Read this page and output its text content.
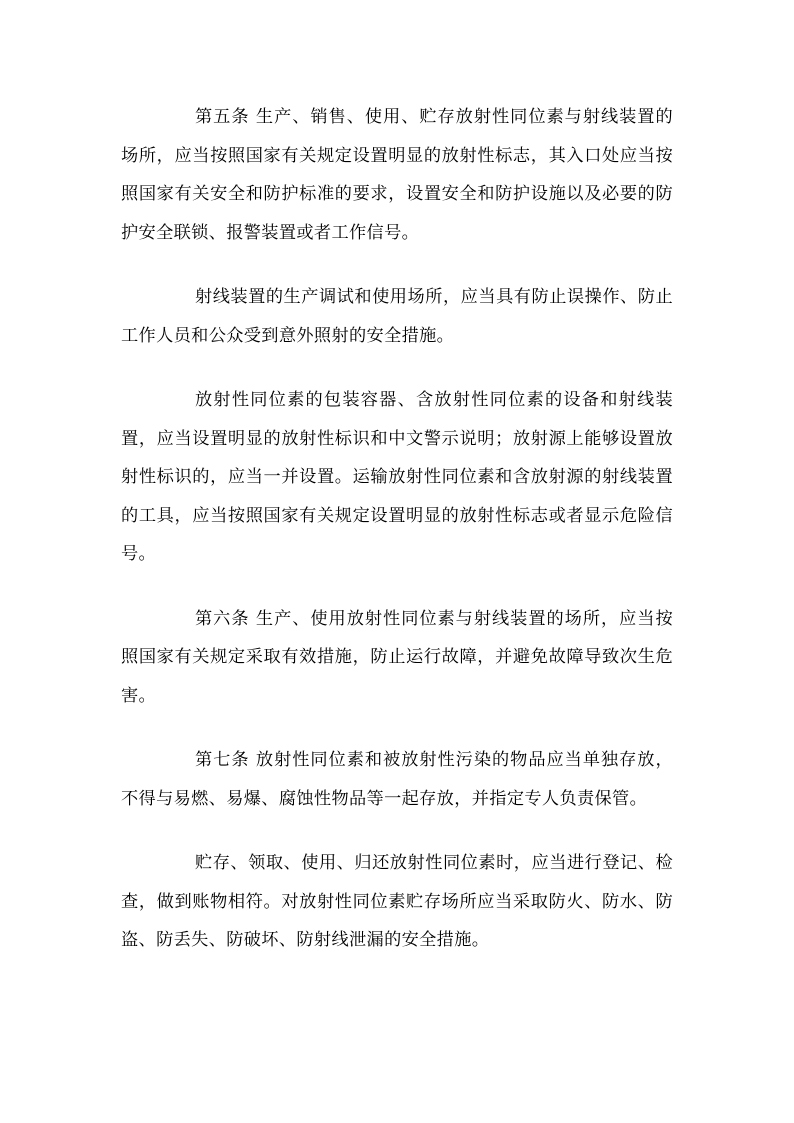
第五条 生产、销售、使用、贮存放射性同位素与射线装置的场所，应当按照国家有关规定设置明显的放射性标志，其入口处应当按照国家有关安全和防护标准的要求，设置安全和防护设施以及必要的防护安全联锁、报警装置或者工作信号。

射线装置的生产调试和使用场所，应当具有防止误操作、防止工作人员和公众受到意外照射的安全措施。

放射性同位素的包装容器、含放射性同位素的设备和射线装置，应当设置明显的放射性标识和中文警示说明；放射源上能够设置放射性标识的，应当一并设置。运输放射性同位素和含放射源的射线装置的工具，应当按照国家有关规定设置明显的放射性标志或者显示危险信号。

第六条 生产、使用放射性同位素与射线装置的场所，应当按照国家有关规定采取有效措施，防止运行故障，并避免故障导致次生危害。

第七条 放射性同位素和被放射性污染的物品应当单独存放，不得与易燃、易爆、腐蚀性物品等一起存放，并指定专人负责保管。

贮存、领取、使用、归还放射性同位素时，应当进行登记、检查，做到账物相符。对放射性同位素贮存场所应当采取防火、防水、防盗、防丢失、防破坏、防射线泄漏的安全措施。
